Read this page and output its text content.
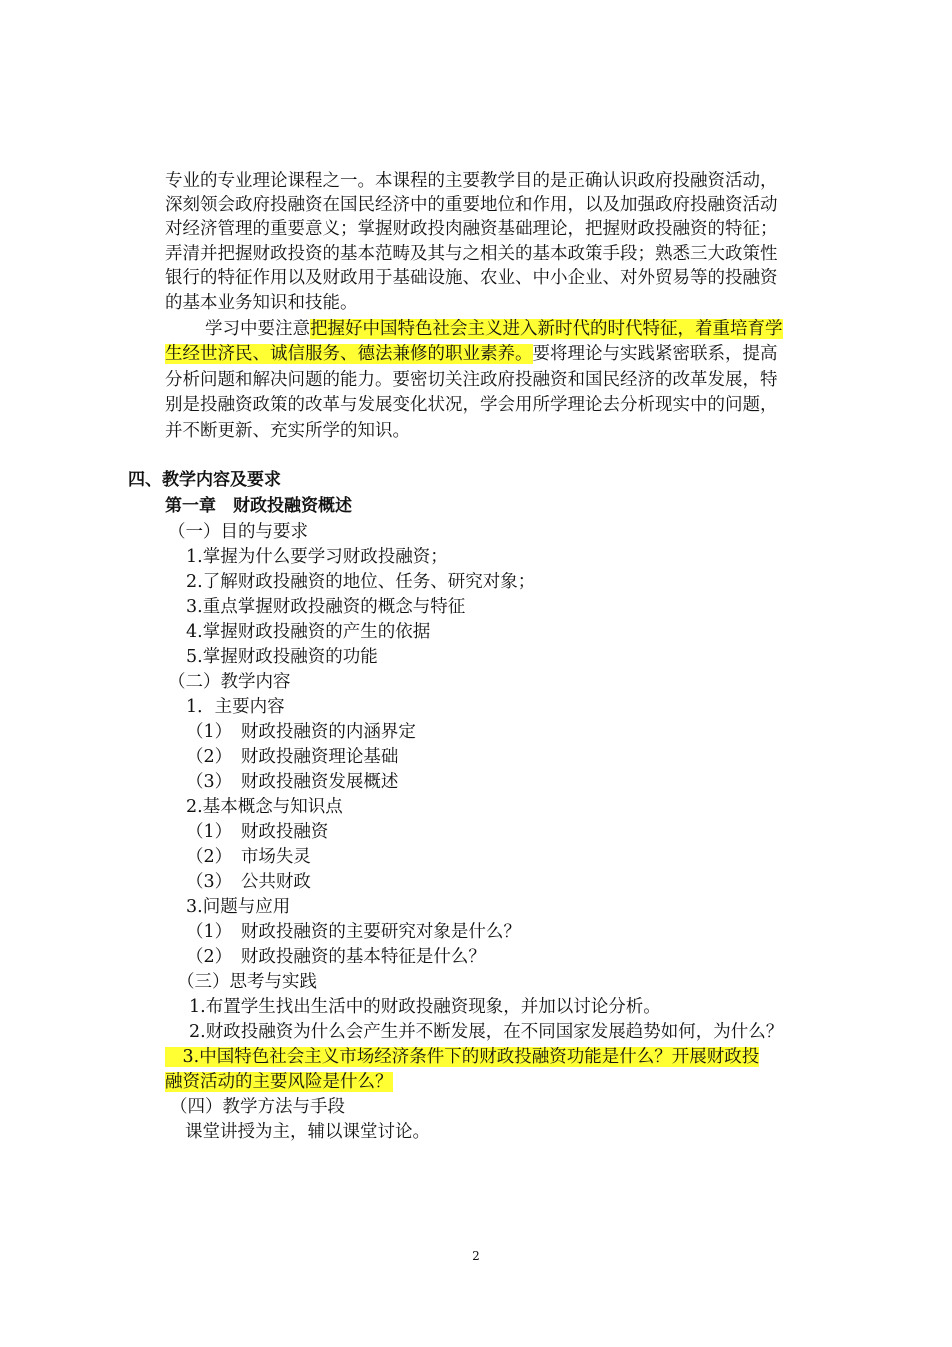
专业的专业理论课程之一。本课程的主要教学目的是正确认识政府投融资活动，
深刻领会政府投融资在国民经济中的重要地位和作用，以及加强政府投融资活动
对经济管理的重要意义；掌握财政投肉融资基础理论，把握财政投融资的特征；
弄清并把握财政投资的基本范畴及其与之相关的基本政策手段；熟悉三大政策性
银行的特征作用以及财政用于基础设施、农业、中小企业、对外贸易等的投融资
的基本业务知识和技能。
学习中要注意把握好中国特色社会主义进入新时代的时代特征，着重培育学
生经世济民、诚信服务、德法兼修的职业素养。要将理论与实践紧密联系，提高
分析问题和解决问题的能力。要密切关注政府投融资和国民经济的改革发展，特
别是投融资政策的改革与发展变化状况，学会用所学理论去分析现实中的问题，
并不断更新、充实所学的知识。
四、教学内容及要求
第一章　财政投融资概述
（一）目的与要求
1.掌握为什么要学习财政投融资；
2.了解财政投融资的地位、任务、研究对象；
3.重点掌握财政投融资的概念与特征
4.掌握财政投融资的产生的依据
5.掌握财政投融资的功能
（二）教学内容
1．主要内容
（1）　财政投融资的内涵界定
（2）　财政投融资理论基础
（3）　财政投融资发展概述
2.基本概念与知识点
（1）　财政投融资
（2）　市场失灵
（3）　公共财政
3.问题与应用
（1）　财政投融资的主要研究对象是什么？
（2）　财政投融资的基本特征是什么？
（三）思考与实践
1.布置学生找出生活中的财政投融资现象，并加以讨论分析。
2.财政投融资为什么会产生并不断发展，在不同国家发展趋势如何，为什么？
　3.中国特色社会主义市场经济条件下的财政投融资功能是什么？开展财政投
融资活动的主要风险是什么？
（四）教学方法与手段
课堂讲授为主，辅以课堂讨论。
2
